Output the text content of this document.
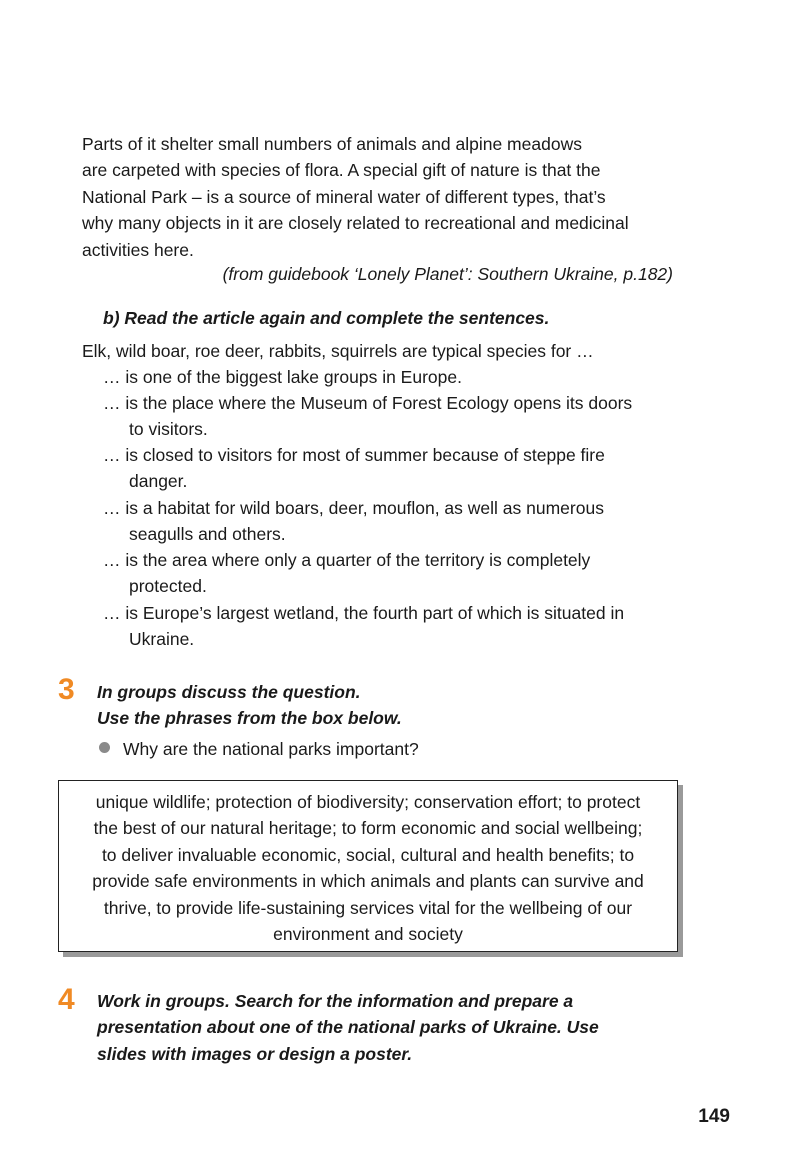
Parts of it shelter small numbers of animals and alpine meadows
are carpeted with species of flora. A special gift of nature is that the
National Park – is a source of mineral water of different types, that’s
why many objects in it are closely related to recreational and medicinal
activities here.
(from guidebook ‘Lonely Planet’: Southern Ukraine, p.182)
b) Read the article again and complete the sentences.
Elk, wild boar, roe deer, rabbits, squirrels are typical species for …
… is one of the biggest lake groups in Europe.
… is the place where the Museum of Forest Ecology opens its doors
to visitors.
… is closed to visitors for most of summer because of steppe fire
danger.
… is a habitat for wild boars, deer, mouflon, as well as numerous
seagulls and others.
… is the area where only a quarter of the territory is completely
protected.
… is Europe’s largest wetland, the fourth part of which is situated in
Ukraine.
3 In groups discuss the question.
Use the phrases from the box below.
Why are the national parks important?
unique wildlife; protection of biodiversity; conservation effort; to protect
the best of our natural heritage; to form economic and social wellbeing;
to deliver invaluable economic, social, cultural and health benefits; to
provide safe environments in which animals and plants can survive and
thrive, to provide life-sustaining services vital for the wellbeing of our
environment and society
4 Work in groups. Search for the information and prepare a
presentation about one of the national parks of Ukraine. Use
slides with images or design a poster.
149
